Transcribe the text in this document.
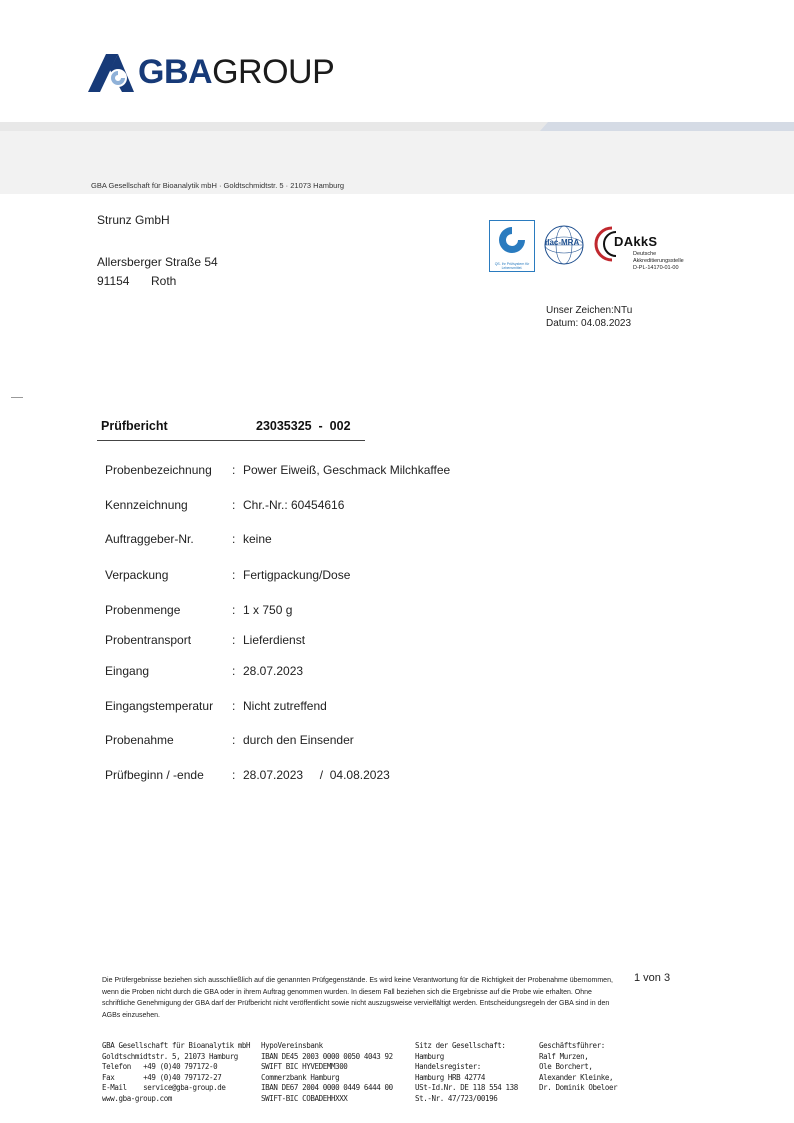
GBAGROUP
GBA Gesellschaft für Bioanalytik mbH · Goldtschmidtstr. 5 · 21073 Hamburg
Strunz GmbH
Allersberger Straße 54
91154 Roth
QS. Ihr Prüfsystem für Lebensmittel.
ilac-MRA	DAkkS
Deutsche
Akkreditierungsstelle
D-PL-14170-01-00
Unser Zeichen:NTu
Datum: 04.08.2023
Prüfbericht	23035325  -  002
Probenbezeichnung : Power Eiweiß, Geschmack Milchkaffee
Kennzeichnung	: Chr.-Nr.: 60454616
Auftraggeber-Nr.	: keine
Verpackung	: Fertigpackung/Dose
Probenmenge	: 1 x 750 g
Probentransport	: Lieferdienst
Eingang	: 28.07.2023
Eingangstemperatur : Nicht zutreffend
Probenahme	: durch den Einsender
Prüfbeginn / -ende : 28.07.2023     /  04.08.2023
Die Prüfergebnisse beziehen sich ausschließlich auf die genannten Prüfgegenstände. Es wird keine Verantwortung für die Richtigkeit der Probenahme übernommen, wenn die Proben nicht durch die GBA oder in ihrem Auftrag genommen wurden. In diesem Fall beziehen sich die Ergebnisse auf die Probe wie erhalten. Ohne schriftliche Genehmigung der GBA darf der Prüfbericht nicht veröffentlicht sowie nicht auszugsweise vervielfältigt werden. Entscheidungsregeln der GBA sind in den AGBs einzusehen.
1 von 3
GBA Gesellschaft für Bioanalytik mbH
Goldtschmidtstr. 5, 21073 Hamburg
Telefon   +49 (0)40 797172-0
Fax       +49 (0)40 797172-27
E-Mail    service@gba-group.de
www.gba-group.com
HypoVereinsbank
IBAN DE45 2003 0000 0050 4043 92
SWIFT BIC HYVEDEMM300
Commerzbank Hamburg
IBAN DE67 2004 0000 0449 6444 00
SWIFT-BIC COBADEHHXXX
Sitz der Gesellschaft:
Hamburg
Handelsregister:
Hamburg HRB 42774
USt-Id.Nr. DE 118 554 138
St.-Nr. 47/723/00196
Geschäftsführer:
Ralf Murzen,
Ole Borchert,
Alexander Kleinke,
Dr. Dominik Obeloer
